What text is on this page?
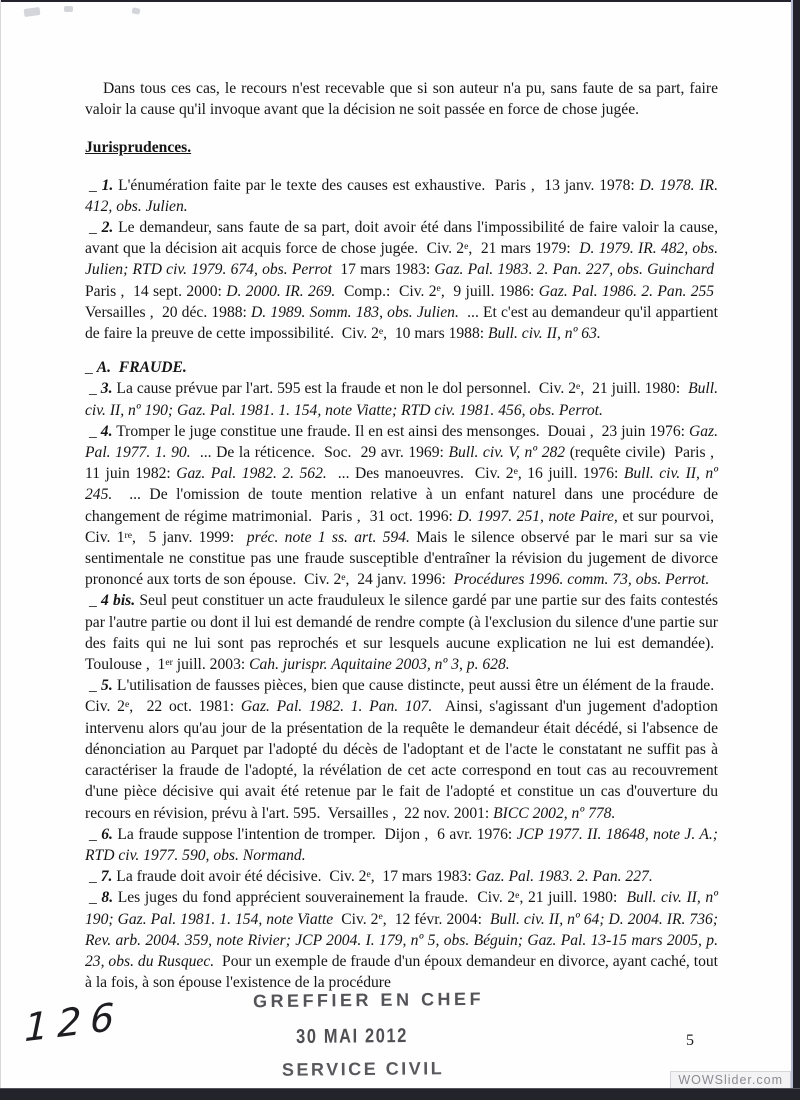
Dans tous ces cas, le recours n'est recevable que si son auteur n'a pu, sans faute de sa part, faire valoir la cause qu'il invoque avant que la décision ne soit passée en force de chose jugée.

Jurisprudences.

_ 1. L'énumération faite par le texte des causes est exhaustive.  Paris ,  13 janv. 1978: D. 1978. IR. 412, obs. Julien.

_ 2. Le demandeur, sans faute de sa part, doit avoir été dans l'impossibilité de faire valoir la cause, avant que la décision ait acquis force de chose jugée.  Civ. 2e,  21 mars 1979:  D. 1979. IR. 482, obs. Julien; RTD civ. 1979. 674, obs. Perrot  17 mars 1983: Gaz. Pal. 1983. 2. Pan. 227, obs. Guinchard  Paris ,  14 sept. 2000: D. 2000. IR. 269.  Comp.:  Civ. 2e,  9 juill. 1986: Gaz. Pal. 1986. 2. Pan. 255  Versailles ,  20 déc. 1988: D. 1989. Somm. 183, obs. Julien.  ... Et c'est au demandeur qu'il appartient de faire la preuve de cette impossibilité.  Civ. 2e,  10 mars 1988: Bull. civ. II, nº 63.

_ A.  FRAUDE.

_ 3. La cause prévue par l'art. 595 est la fraude et non le dol personnel.  Civ. 2e,  21 juill. 1980:  Bull. civ. II, nº 190; Gaz. Pal. 1981. 1. 154, note Viatte; RTD civ. 1981. 456, obs. Perrot.

_ 4. Tromper le juge constitue une fraude. Il en est ainsi des mensonges.  Douai ,  23 juin 1976: Gaz. Pal. 1977. 1. 90.  ... De la réticence.  Soc.  29 avr. 1969: Bull. civ. V, nº 282 (requête civile)  Paris ,  11 juin 1982: Gaz. Pal. 1982. 2. 562.  ... Des manoeuvres.  Civ. 2e, 16 juill. 1976: Bull. civ. II, nº 245.  ... De l'omission de toute mention relative à un enfant naturel dans une procédure de changement de régime matrimonial.  Paris ,  31 oct. 1996: D. 1997. 251, note Paire, et sur pourvoi,  Civ. 1re,  5 janv. 1999:  préc. note 1 ss. art. 594. Mais le silence observé par le mari sur sa vie sentimentale ne constitue pas une fraude susceptible d'entraîner la révision du jugement de divorce prononcé aux torts de son épouse.  Civ. 2e,  24 janv. 1996:  Procédures 1996. comm. 73, obs. Perrot.

_ 4 bis. Seul peut constituer un acte frauduleux le silence gardé par une partie sur des faits contestés par l'autre partie ou dont il lui est demandé de rendre compte (à l'exclusion du silence d'une partie sur des faits qui ne lui sont pas reprochés et sur lesquels aucune explication ne lui est demandée).  Toulouse ,  1er juill. 2003: Cah. jurispr. Aquitaine 2003, nº 3, p. 628.

_ 5. L'utilisation de fausses pièces, bien que cause distincte, peut aussi être un élément de la fraude.  Civ. 2e,  22 oct. 1981: Gaz. Pal. 1982. 1. Pan. 107.  Ainsi, s'agissant d'un jugement d'adoption intervenu alors qu'au jour de la présentation de la requête le demandeur était décédé, si l'absence de dénonciation au Parquet par l'adopté du décès de l'adoptant et de l'acte le constatant ne suffit pas à caractériser la fraude de l'adopté, la révélation de cet acte correspond en tout cas au recouvrement d'une pièce décisive qui avait été retenue par le fait de l'adopté et constitue un cas d'ouverture du recours en révision, prévu à l'art. 595.  Versailles ,  22 nov. 2001: BICC 2002, nº 778.

_ 6. La fraude suppose l'intention de tromper.  Dijon ,  6 avr. 1976: JCP 1977. II. 18648, note J. A.; RTD civ. 1977. 590, obs. Normand.

_ 7. La fraude doit avoir été décisive.  Civ. 2e,  17 mars 1983: Gaz. Pal. 1983. 2. Pan. 227.

_ 8. Les juges du fond apprécient souverainement la fraude.  Civ. 2e, 21 juill. 1980:  Bull. civ. II, nº 190; Gaz. Pal. 1981. 1. 154, note Viatte  Civ. 2e,  12 févr. 2004:  Bull. civ. II, nº 64; D. 2004. IR. 736; Rev. arb. 2004. 359, note Rivier; JCP 2004. I. 179, nº 5, obs. Béguin; Gaz. Pal. 13-15 mars 2005, p. 23, obs. du Rusquec.  Pour un exemple de fraude d'un époux demandeur en divorce, ayant caché, tout à la fois, à son épouse l'existence de la procédure

GREFFIER EN CHEF
30 MAI 2012
SERVICE CIVIL
126	5
WOWSlider.com
